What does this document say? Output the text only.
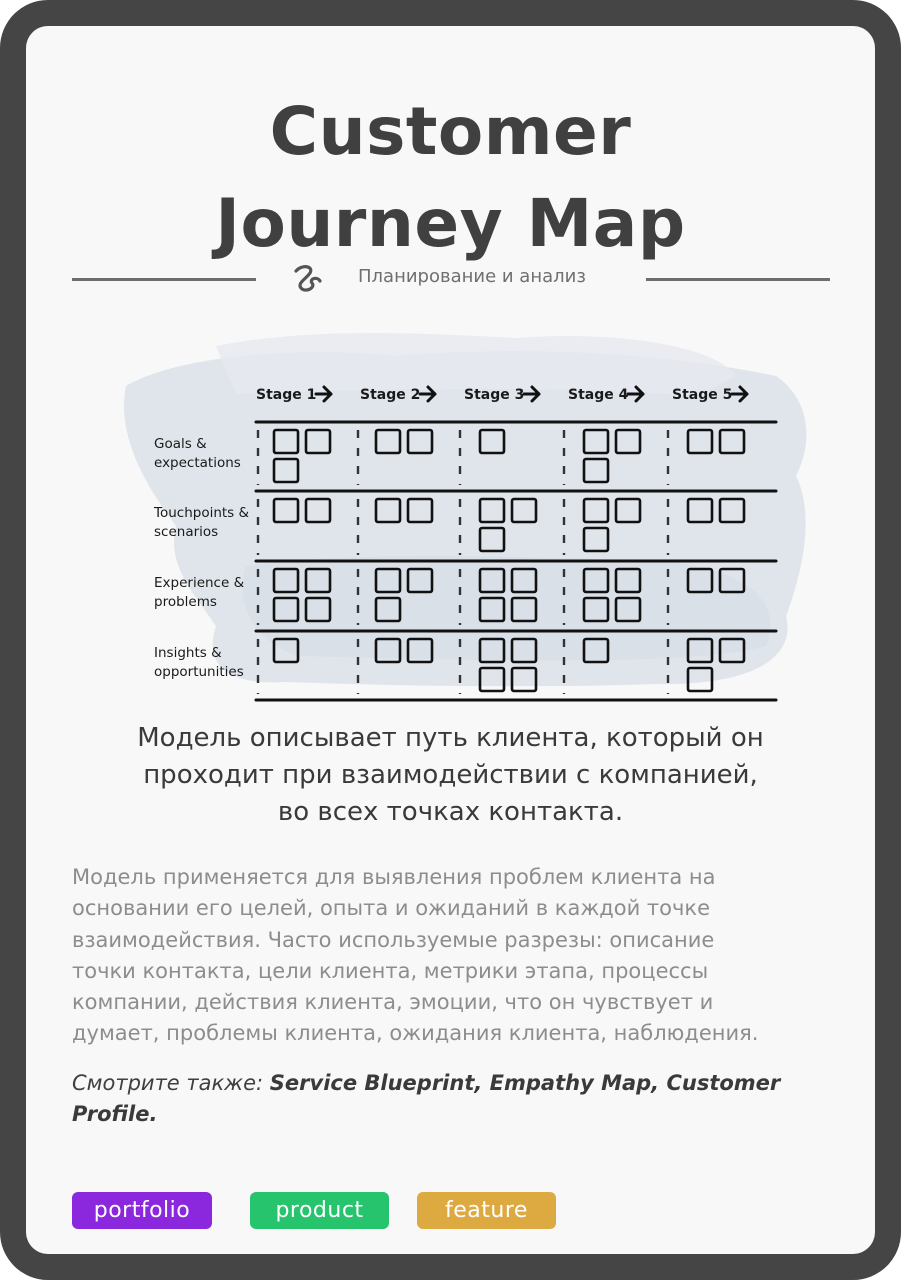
Customer
Journey Map
Планирование и анализ
Stage 1	Stage 2	Stage 3	Stage 4	Stage 5
Goals &
expectations
Touchpoints &
scenarios
Experience &
problems
Insights &
opportunities
Модель описывает путь клиента, который он
проходит при взаимодействии с компанией,
во всех точках контакта.
Модель применяется для выявления проблем клиента на
основании его целей, опыта и ожиданий в каждой точке
взаимодействия. Часто используемые разрезы: описание
точки контакта, цели клиента, метрики этапа, процессы
компании, действия клиента, эмоции, что он чувствует и
думает, проблемы клиента, ожидания клиента, наблюдения.
Смотрите также: Service Blueprint, Empathy Map, Customer Profile.
portfolio	product	feature
